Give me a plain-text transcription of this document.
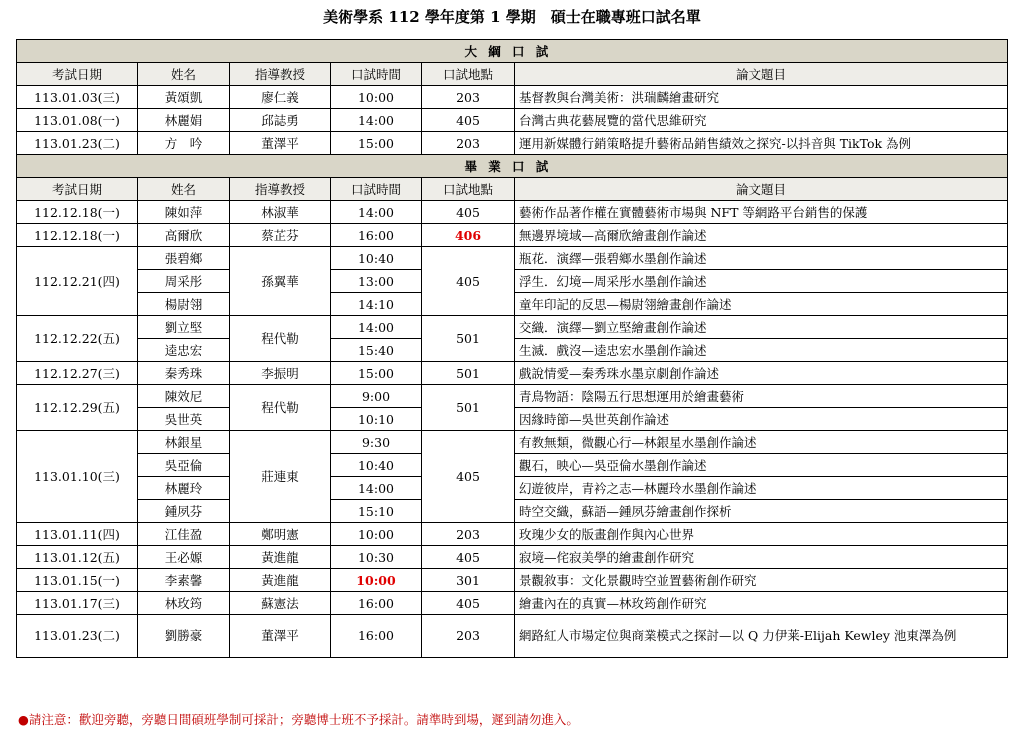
美術學系 112 學年度第 1 學期　碩士在職專班口試名單
大綱口試					
考試日期	姓名	指導教授	口試時間	口試地點	論文題目
113.01.03(三)	黃頌凱	廖仁義	10:00	203	基督教與台灣美術：洪瑞麟繪畫研究
113.01.08(一)	林麗娟	邱誌勇	14:00	405	台灣古典花藝展覽的當代思維研究
113.01.23(二)	方　吟	董澤平	15:00	203	運用新媒體行銷策略提升藝術品銷售績效之探究-以抖音與 TikTok 為例
畢業口試					
考試日期	姓名	指導教授	口試時間	口試地點	論文題目
112.12.18(一)	陳如萍	林淑華	14:00	405	藝術作品著作權在實體藝術市場與 NFT 等網路平台銷售的保護
112.12.18(一)	高爾欣	蔡芷芬	16:00	406	無邊界境域—高爾欣繪畫創作論述
112.12.21(四)	張碧鄉	孫翼華	10:40	405	瓶花．演繹—張碧鄉水墨創作論述
	周采彤		13:00		浮生．幻境—周采彤水墨創作論述
	楊尉翎		14:10		童年印記的反思—楊尉翎繪畫創作論述
112.12.22(五)	劉立堅	程代勒	14:00	501	交織．演繹—劉立堅繪畫創作論述
	逵忠宏		15:40		生滅．戲沒—逵忠宏水墨創作論述
112.12.27(三)	秦秀珠	李振明	15:00	501	戲說情愛—秦秀珠水墨京劇創作論述
112.12.29(五)	陳效尼	程代勒	9:00	501	青鳥物語：陰陽五行思想運用於繪畫藝術
	吳世英		10:10		因緣時節—吳世英創作論述
113.01.10(三)	林銀星	莊連東	9:30	405	有教無類，微觀心行—林銀星水墨創作論述
	吳亞倫		10:40		觀石，映心—吳亞倫水墨創作論述
	林麗玲		14:00		幻遊彼岸，青衿之志—林麗玲水墨創作論述
	鍾夙芬		15:10		時空交織，蘇語—鍾夙芬繪畫創作探析
113.01.11(四)	江佳盈	鄭明憲	10:00	203	玫瑰少女的版畫創作與內心世界
113.01.12(五)	王必嫄	黃進龍	10:30	405	寂境—侘寂美學的繪畫創作研究
113.01.15(一)	李素馨	黃進龍	10:00	301	景觀敘事：文化景觀時空並置藝術創作研究
113.01.17(三)	林玫筠	蘇憲法	16:00	405	繪畫內在的真實—林玫筠創作研究
113.01.23(二)	劉勝豪	董澤平	16:00	203	網路紅人市場定位與商業模式之探討—以 Q 力伊莱-Elijah Kewley 池東澤為例
●請注意：歡迎旁聽，旁聽日間碩班學制可採計；旁聽博士班不予採計。請準時到場，遲到請勿進入。
